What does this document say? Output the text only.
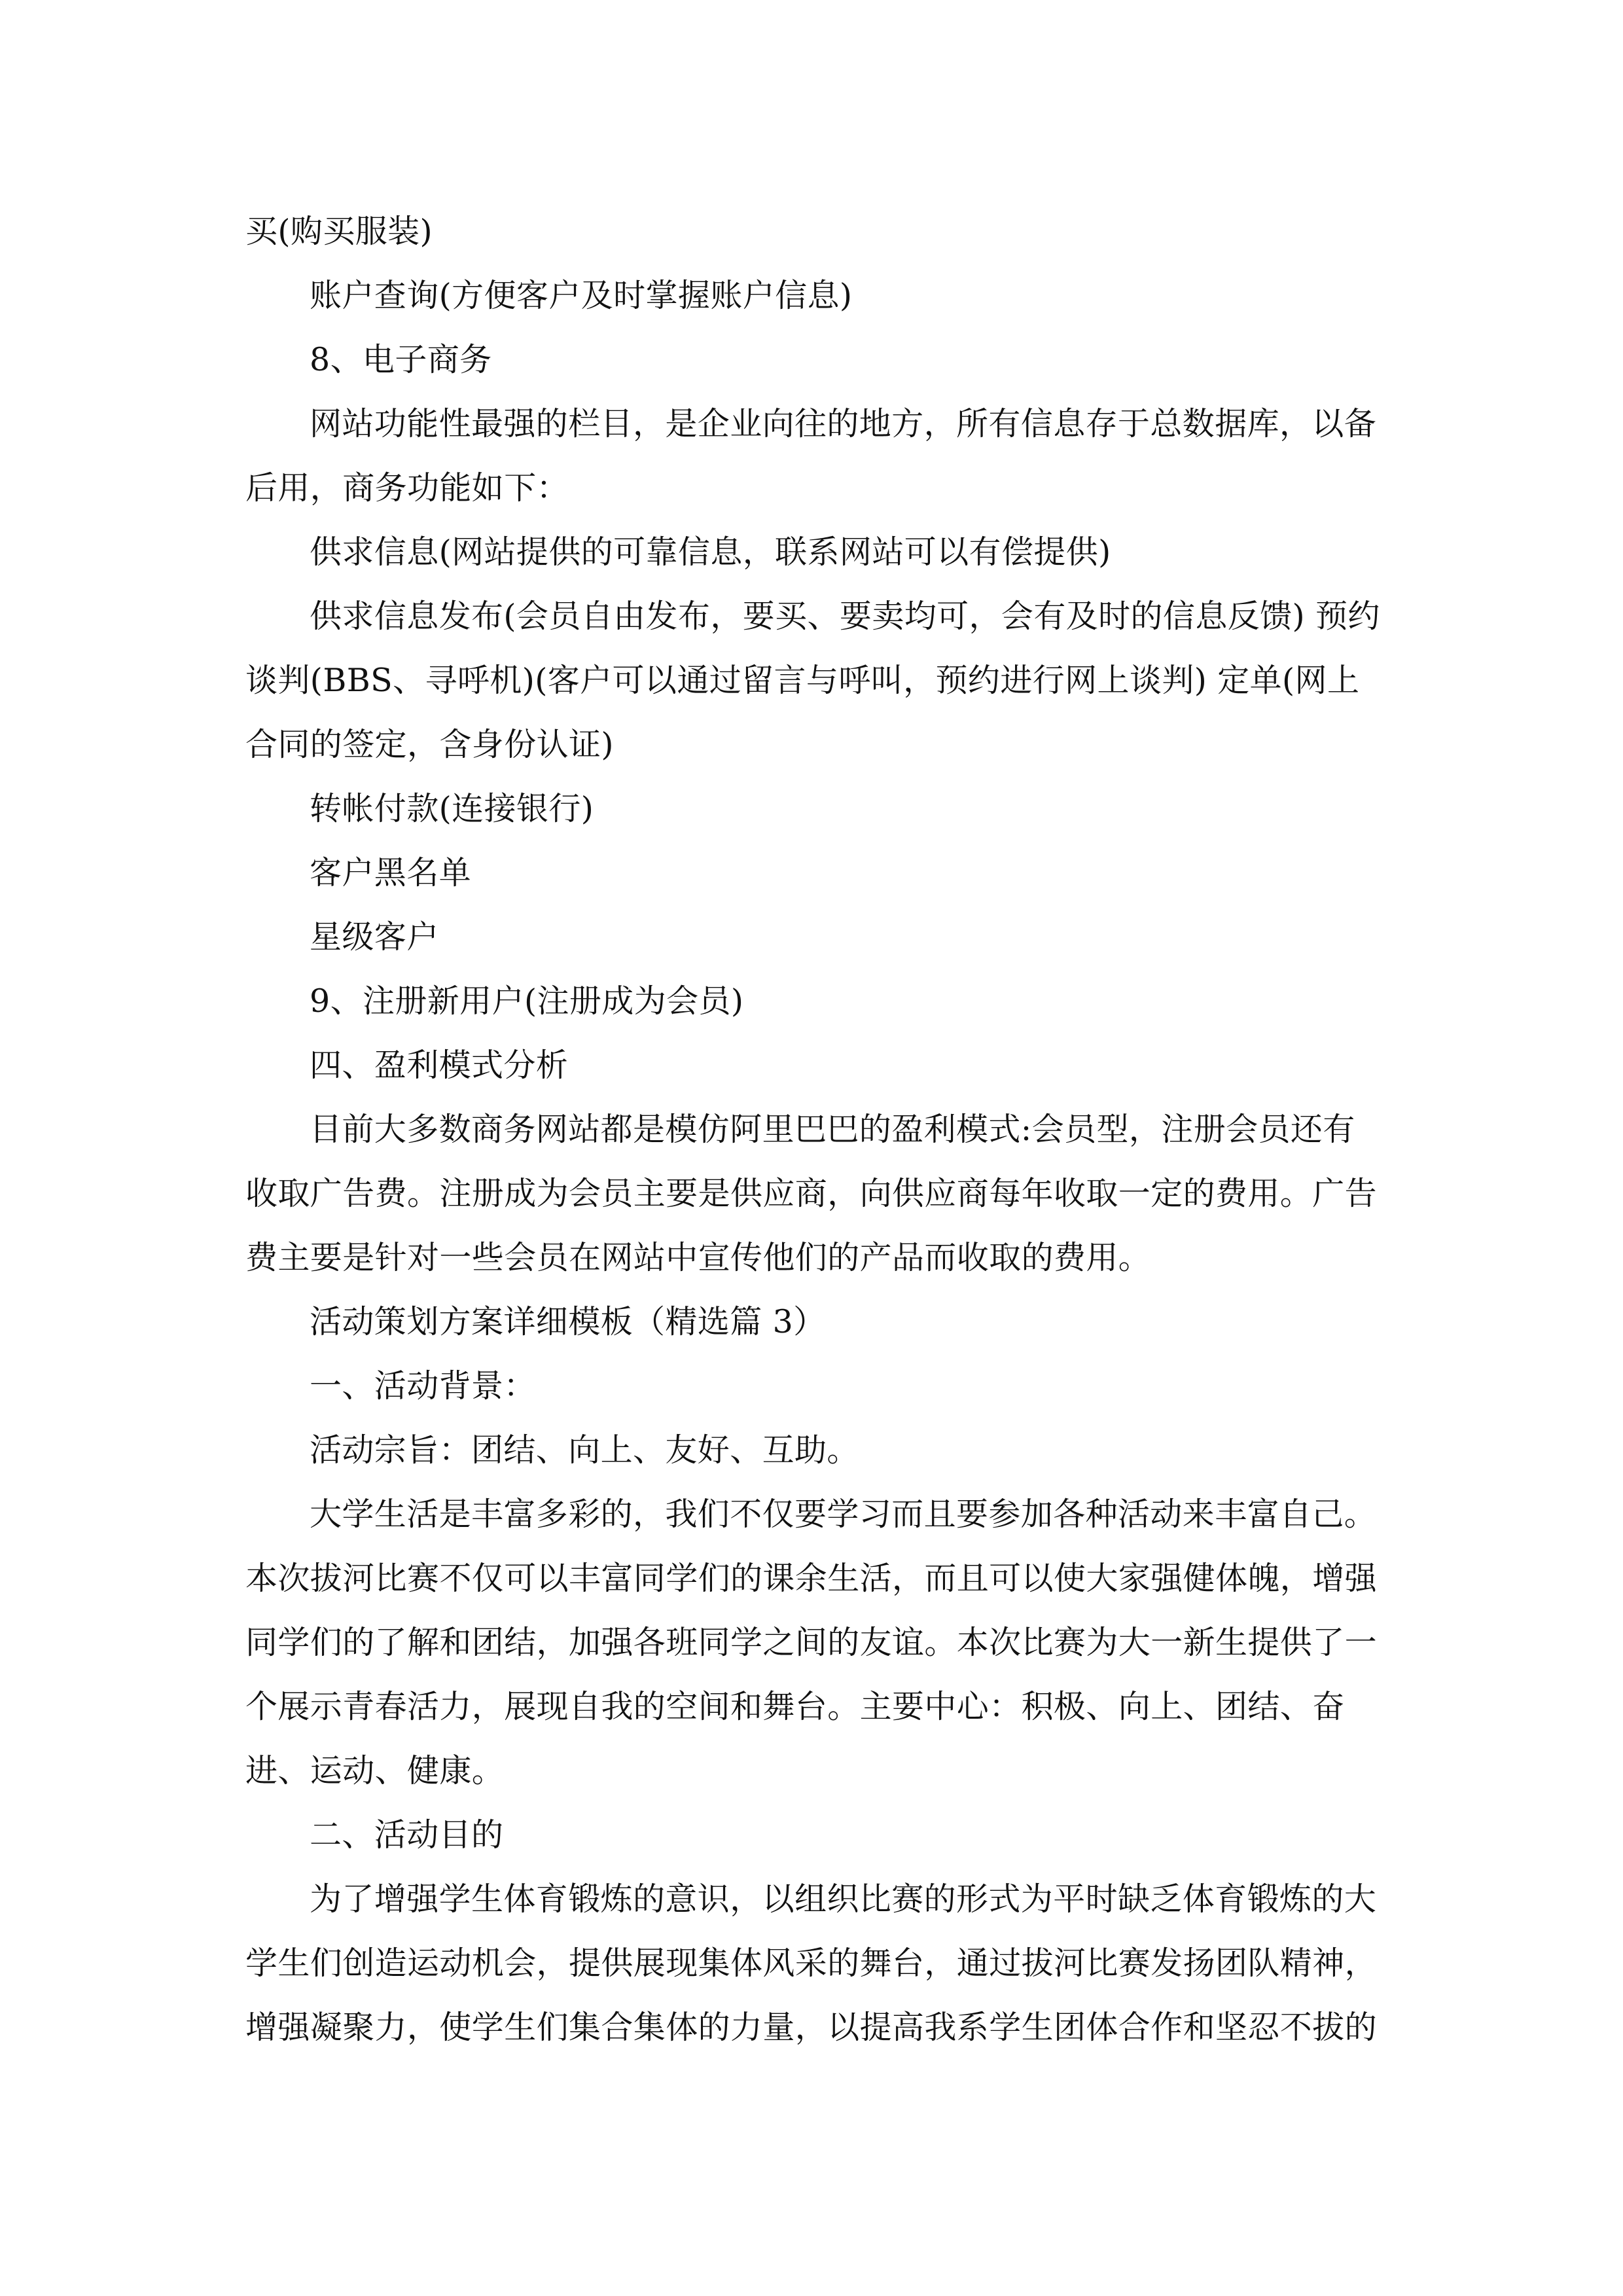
买(购买服装)

账户查询(方便客户及时掌握账户信息)

8、电子商务

网站功能性最强的栏目，是企业向往的地方，所有信息存于总数据库，以备后用，商务功能如下：

供求信息(网站提供的可靠信息，联系网站可以有偿提供)

供求信息发布(会员自由发布，要买、要卖均可，会有及时的信息反馈) 预约谈判(BBS、寻呼机)(客户可以通过留言与呼叫，预约进行网上谈判) 定单(网上合同的签定，含身份认证)

转帐付款(连接银行)

客户黑名单

星级客户

9、注册新用户(注册成为会员)

四、盈利模式分析

目前大多数商务网站都是模仿阿里巴巴的盈利模式:会员型，注册会员还有收取广告费。注册成为会员主要是供应商，向供应商每年收取一定的费用。广告费主要是针对一些会员在网站中宣传他们的产品而收取的费用。

活动策划方案详细模板（精选篇 3）

一、活动背景：

活动宗旨：团结、向上、友好、互助。

大学生活是丰富多彩的，我们不仅要学习而且要参加各种活动来丰富自己。本次拔河比赛不仅可以丰富同学们的课余生活，而且可以使大家强健体魄，增强同学们的了解和团结，加强各班同学之间的友谊。本次比赛为大一新生提供了一个展示青春活力，展现自我的空间和舞台。主要中心：积极、向上、团结、奋进、运动、健康。

二、活动目的

为了增强学生体育锻炼的意识，以组织比赛的形式为平时缺乏体育锻炼的大学生们创造运动机会，提供展现集体风采的舞台，通过拔河比赛发扬团队精神，增强凝聚力，使学生们集合集体的力量，以提高我系学生团体合作和坚忍不拔的
